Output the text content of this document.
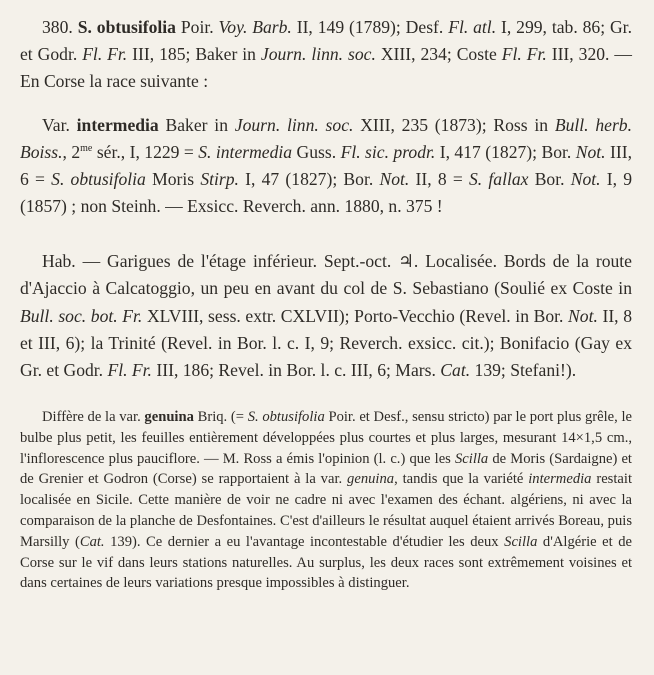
380. S. obtusifolia Poir. Voy. Barb. II, 149 (1789); Desf. Fl. atl. I, 299, tab. 86; Gr. et Godr. Fl. Fr. III, 185; Baker in Journ. linn. soc. XIII, 234; Coste Fl. Fr. III, 320. — En Corse la race suivante :

Var. intermedia Baker in Journ. linn. soc. XIII, 235 (1873); Ross in Bull. herb. Boiss., $2^{me}$ sér., I, 1229 = S. intermedia Guss. Fl. sic. prodr. I, 417 (1827); Bor. Not. III, 6 = S. obtusifolia Moris Stirp. I, 47 (1827); Bor. Not. II, 8 = S. fallax Bor. Not. I, 9 (1857) ; non Steinh. — Exsicc. Reverch. ann. 1880, n. 375 !

Hab. — Garigues de l'étage inférieur. Sept.-oct. ♃. Localisée. Bords de la route d'Ajaccio à Calcatoggio, un peu en avant du col de S. Sebastiano (Soulié ex Coste in Bull. soc. bot. Fr. XLVIII, sess. extr. CXLVII); Porto-Vecchio (Revel. in Bor. Not. II, 8 et III, 6); la Trinité (Revel. in Bor. l. c. I, 9; Reverch. exsicc. cit.); Bonifacio (Gay ex Gr. et Godr. Fl. Fr. III, 186; Revel. in Bor. l. c. III, 6; Mars. Cat. 139; Stefani!).

Diffère de la var. genuina Briq. (= S. obtusifolia Poir. et Desf., sensu stricto) par le port plus grêle, le bulbe plus petit, les feuilles entièrement développées plus courtes et plus larges, mesurant 14×1,5 cm., l'inflorescence plus pauciflore. — M. Ross a émis l'opinion (l. c.) que les Scilla de Moris (Sardaigne) et de Grenier et Godron (Corse) se rapportaient à la var. genuina, tandis que la variété intermedia restait localisée en Sicile. Cette manière de voir ne cadre ni avec l'examen des échant. algériens, ni avec la comparaison de la planche de Desfontaines. C'est d'ailleurs le résultat auquel étaient arrivés Boreau, puis Marsilly (Cat. 139). Ce dernier a eu l'avantage incontestable d'étudier les deux Scilla d'Algérie et de Corse sur le vif dans leurs stations naturelles. Au surplus, les deux races sont extrêmement voisines et dans certaines de leurs variations presque impossibles à distinguer.
